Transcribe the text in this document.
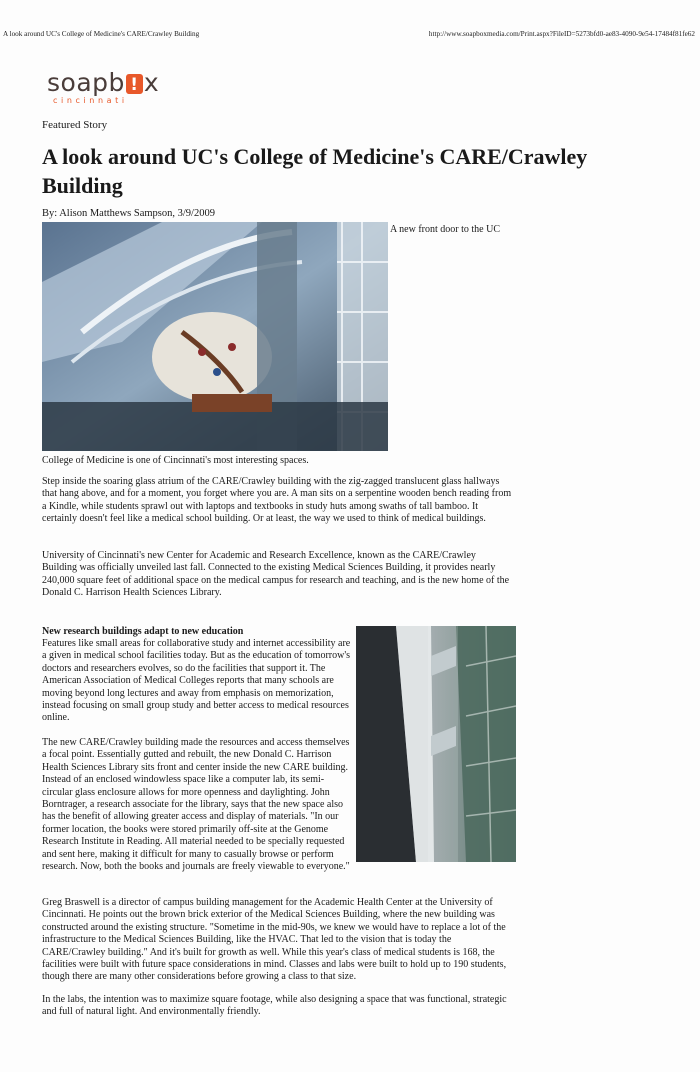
A look around UC's College of Medicine's CARE/Crawley Building	http://www.soapboxmedia.com/Print.aspx?FileID=5273bfd0-ae83-4090-9e54-17484f81fe62
soapb
! x
cincinnati
Featured Story
A look around UC's College of Medicine's CARE/Crawley Building
By: Alison Matthews Sampson, 3/9/2009
A new front door to the UC
College of Medicine is one of Cincinnati's most interesting spaces.

Step inside the soaring glass atrium of the CARE/Crawley building with the zig-zagged translucent glass hallways that hang above, and for a moment, you forget where you are. A man sits on a serpentine wooden bench reading from a Kindle, while students sprawl out with laptops and textbooks in study huts among swaths of tall bamboo. It certainly doesn't feel like a medical school building. Or at least, the way we used to think of medical buildings.

University of Cincinnati's new Center for Academic and Research Excellence, known as the CARE/Crawley Building was officially unveiled last fall. Connected to the existing Medical Sciences Building, it provides nearly 240,000 square feet of additional space on the medical campus for research and teaching, and is the new home of the Donald C. Harrison Health Sciences Library.

New research buildings adapt to new education

Features like small areas for collaborative study and internet accessibility are a given in medical school facilities today. But as the education of tomorrow's doctors and researchers evolves, so do the facilities that support it. The American Association of Medical Colleges reports that many schools are moving beyond long lectures and away from emphasis on memorization, instead focusing on small group study and better access to medical resources online.

The new CARE/Crawley building made the resources and access themselves a focal point. Essentially gutted and rebuilt, the new Donald C. Harrison Health Sciences Library sits front and center inside the new CARE building. Instead of an enclosed windowless space like a computer lab, its semi-circular glass enclosure allows for more openness and daylighting. John Borntrager, a research associate for the library, says that the new space also has the benefit of allowing greater access and display of materials. "In our former location, the books were stored primarily off-site at the Genome Research Institute in Reading. All material needed to be specially requested and sent here, making it difficult for many to casually browse or perform research. Now, both the books and journals are freely viewable to everyone."

Greg Braswell is a director of campus building management for the Academic Health Center at the University of Cincinnati. He points out the brown brick exterior of the Medical Sciences Building, where the new building was constructed around the existing structure. "Sometime in the mid-90s, we knew we would have to replace a lot of the infrastructure to the Medical Sciences Building, like the HVAC. That led to the vision that is today the CARE/Crawley building." And it's built for growth as well. While this year's class of medical students is 168, the facilities were built with future space considerations in mind. Classes and labs were built to hold up to 190 students, though there are many other considerations before growing a class to that size.

In the labs, the intention was to maximize square footage, while also designing a space that was functional, strategic and full of natural light. And environmentally friendly.
